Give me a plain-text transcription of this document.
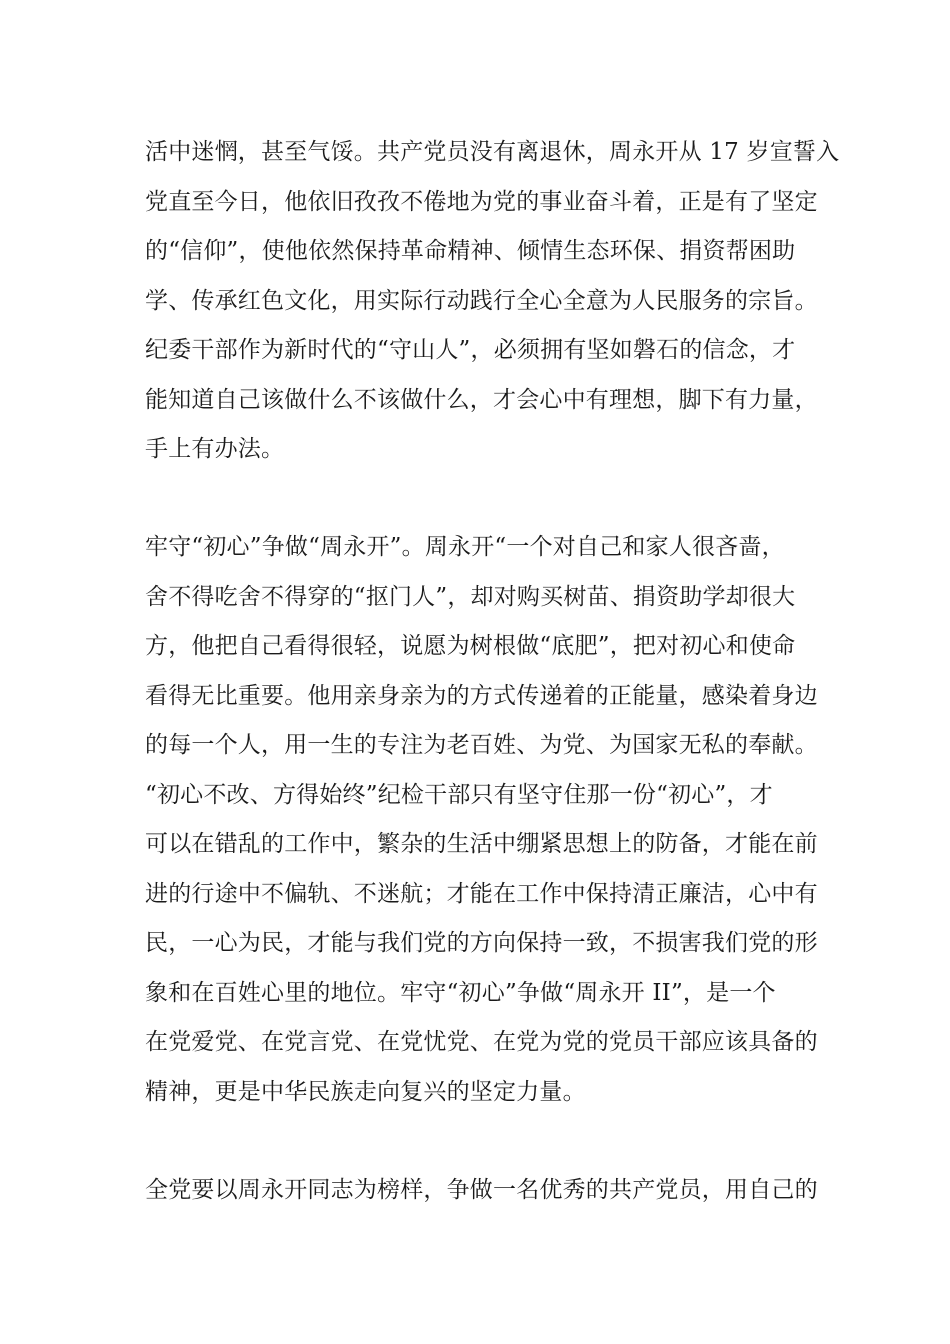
活中迷惘，甚至气馁。共产党员没有离退休，周永开从 17 岁宣誓入

党直至今日，他依旧孜孜不倦地为党的事业奋斗着，正是有了坚定

的“信仰”，使他依然保持革命精神、倾情生态环保、捐资帮困助

学、传承红色文化，用实际行动践行全心全意为人民服务的宗旨。

纪委干部作为新时代的“守山人”，必须拥有坚如磐石的信念，才

能知道自己该做什么不该做什么，才会心中有理想，脚下有力量，

手上有办法。

牢守“初心”争做“周永开”。周永开“一个对自己和家人很吝啬，

舍不得吃舍不得穿的“抠门人”，却对购买树苗、捐资助学却很大

方，他把自己看得很轻，说愿为树根做“底肥”，把对初心和使命

看得无比重要。他用亲身亲为的方式传递着的正能量，感染着身边

的每一个人，用一生的专注为老百姓、为党、为国家无私的奉献。

“初心不改、方得始终”纪检干部只有坚守住那一份“初心”，才

可以在错乱的工作中，繁杂的生活中绷紧思想上的防备，才能在前

进的行途中不偏轨、不迷航；才能在工作中保持清正廉洁，心中有

民，一心为民，才能与我们党的方向保持一致，不损害我们党的形

象和在百姓心里的地位。牢守“初心”争做“周永开 II”，是一个

在党爱党、在党言党、在党忧党、在党为党的党员干部应该具备的

精神，更是中华民族走向复兴的坚定力量。

全党要以周永开同志为榜样，争做一名优秀的共产党员，用自己的
